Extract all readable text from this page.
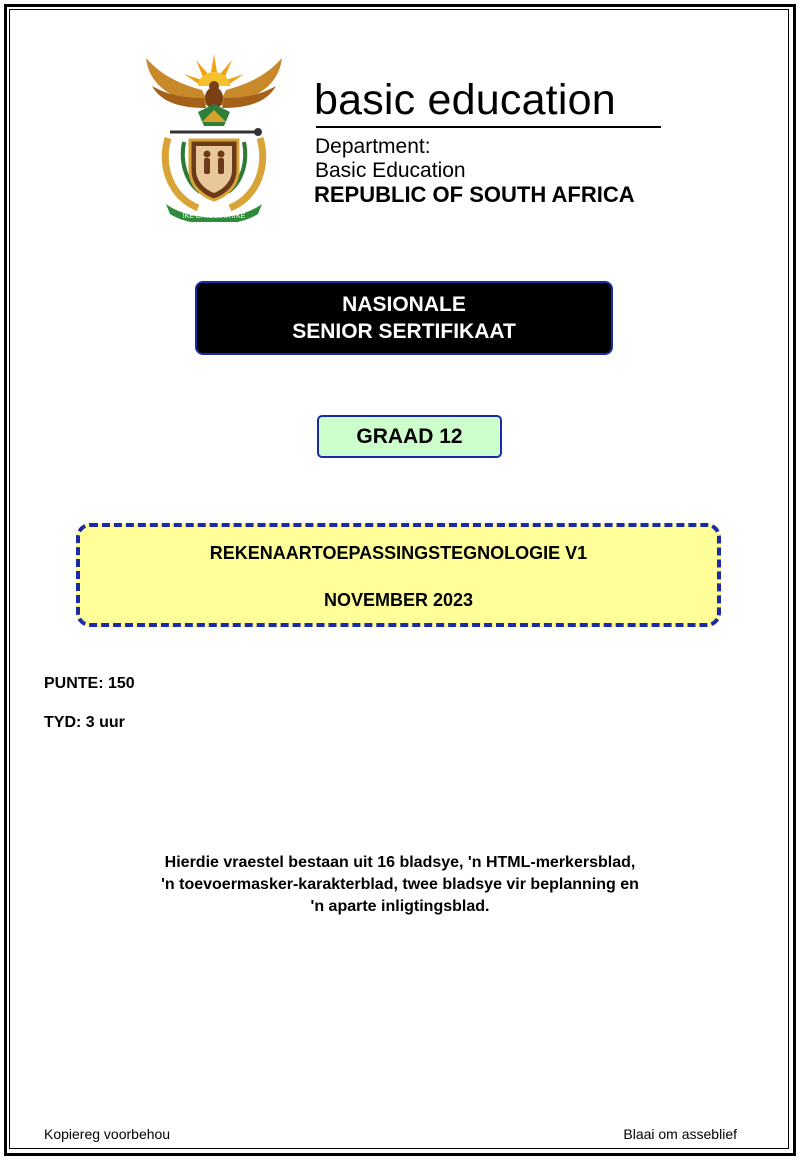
!KE E: /XARRA //KE
basic education
Department:
Basic Education
REPUBLIC OF SOUTH AFRICA
NASIONALE
SENIOR SERTIFIKAAT
GRAAD 12
REKENAARTOEPASSINGSTEGNOLOGIE V1
NOVEMBER 2023
PUNTE: 150
TYD: 3 uur
Hierdie vraestel bestaan uit 16 bladsye, 'n HTML-merkersblad,
'n toevoermasker-karakterblad, twee bladsye vir beplanning en
'n aparte inligtingsblad.
Kopiereg voorbehou	Blaai om asseblief
